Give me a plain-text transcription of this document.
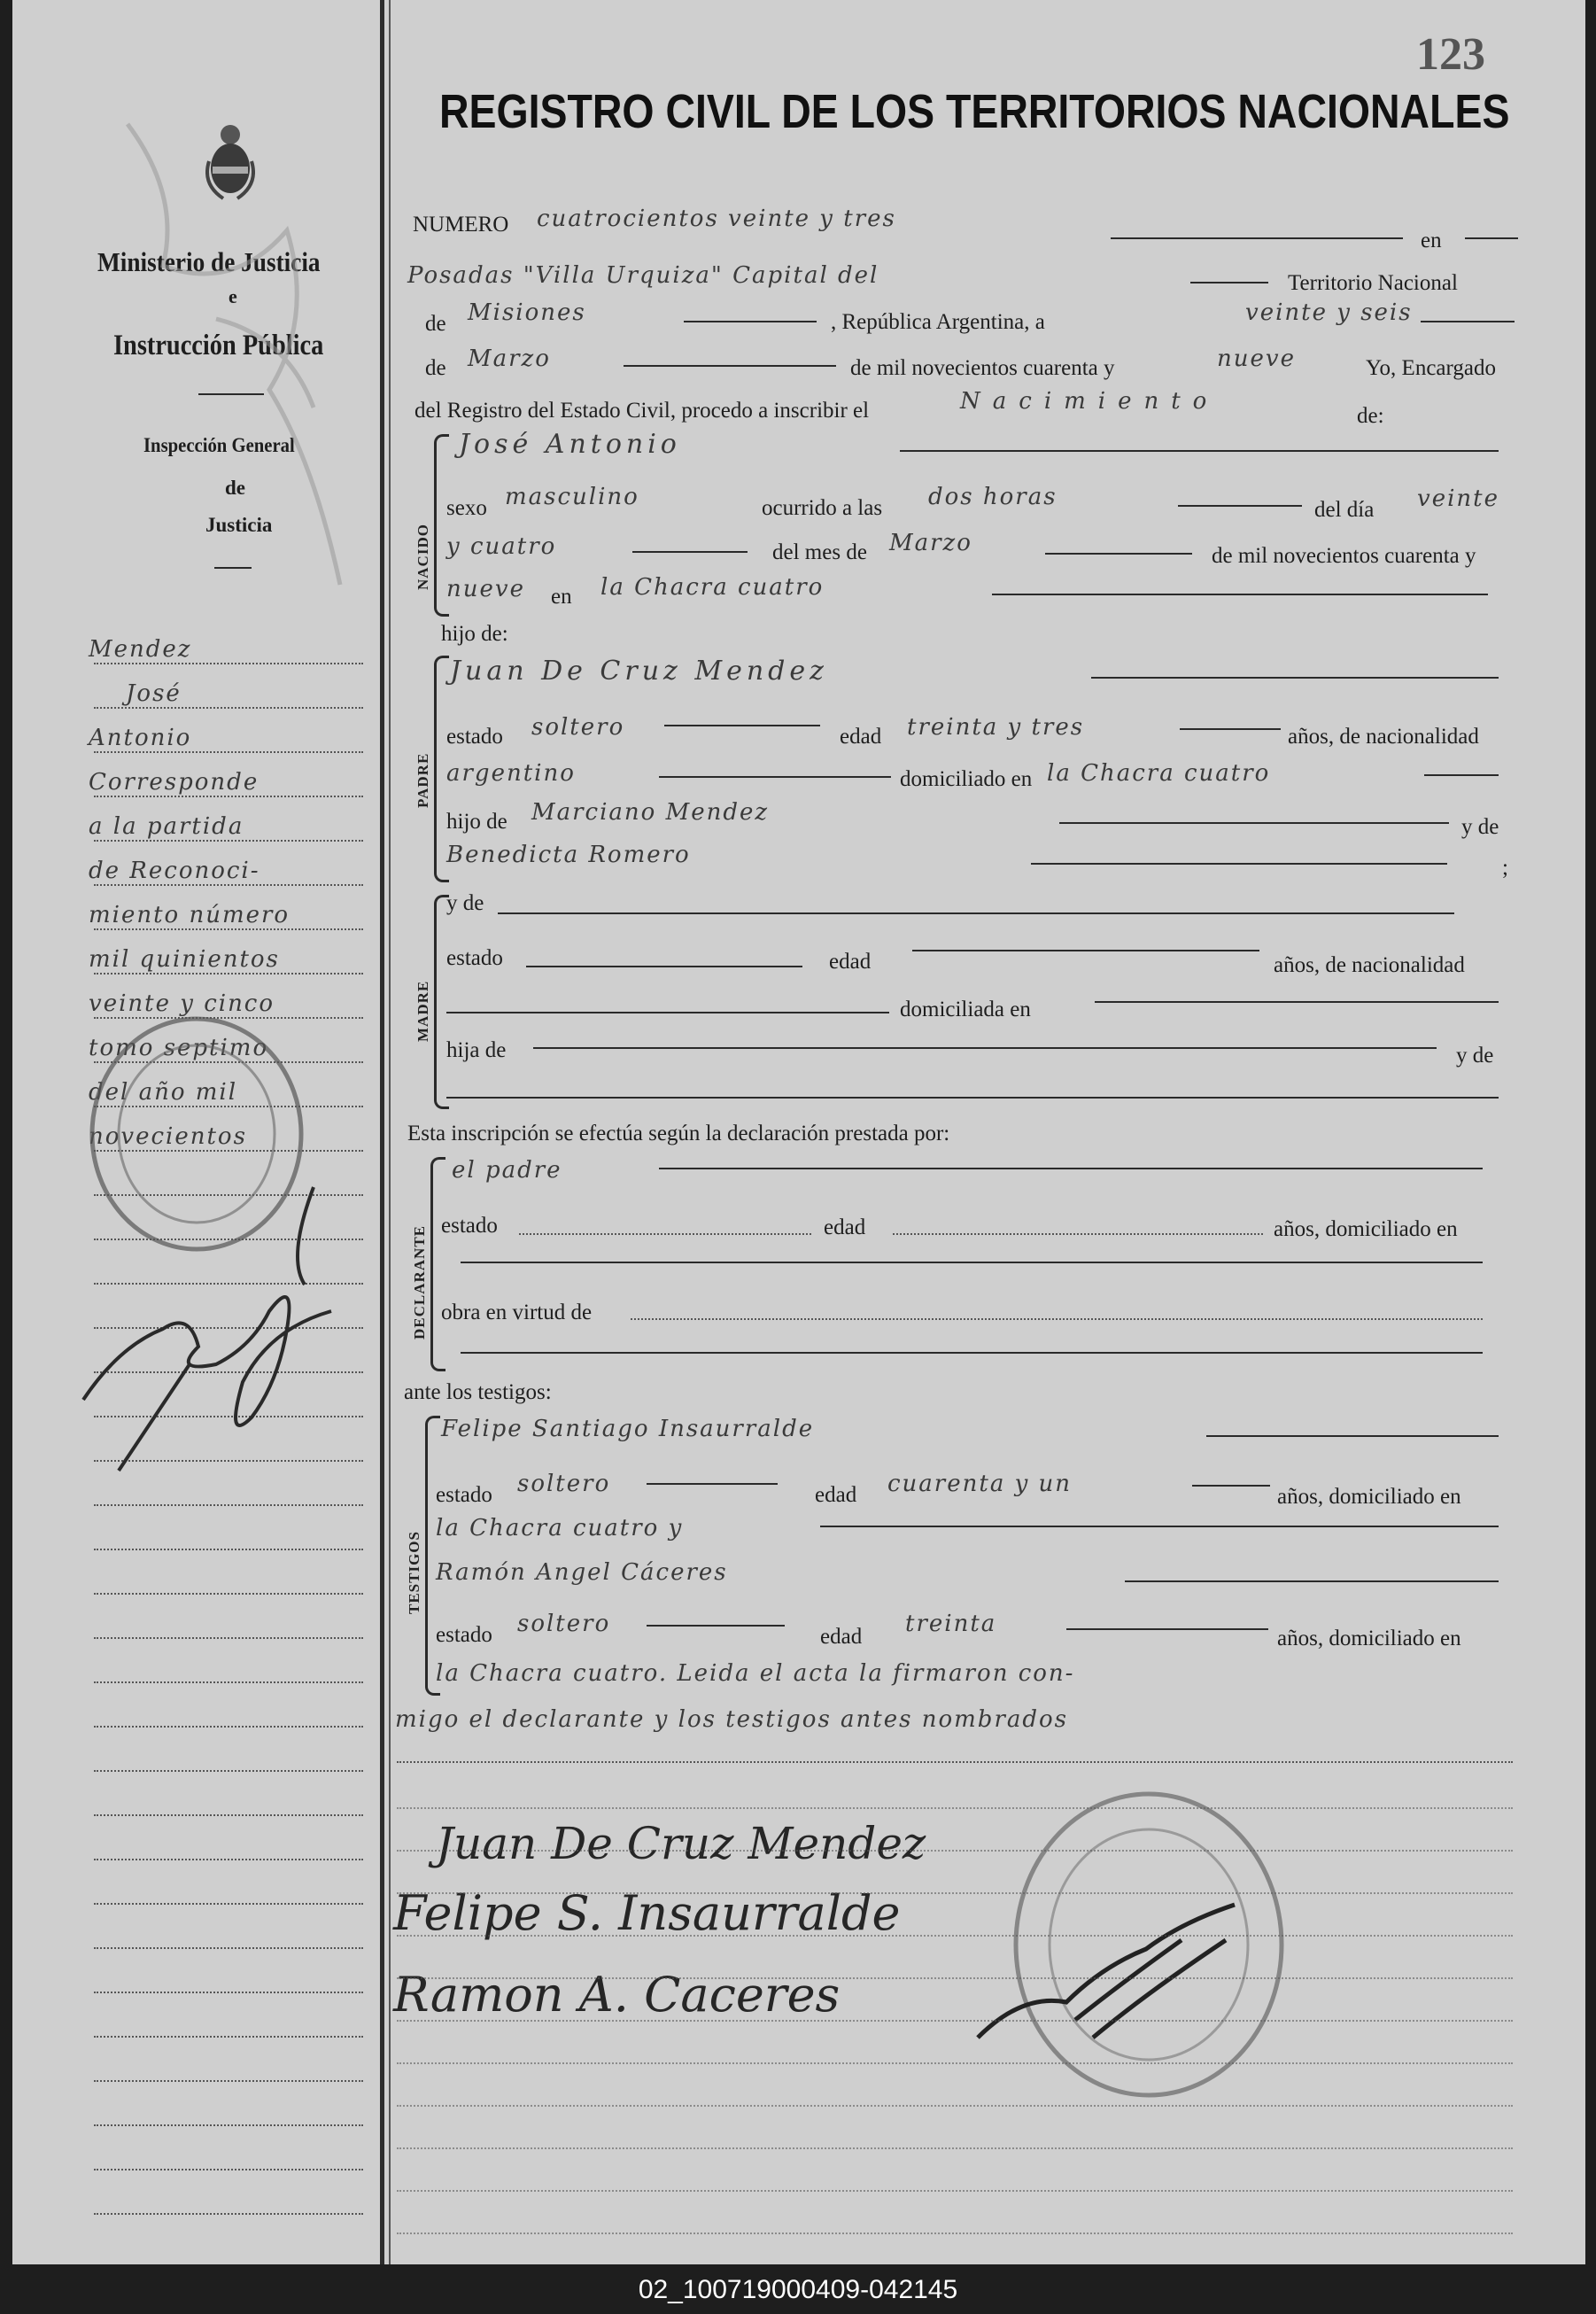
123
REGISTRO CIVIL DE LOS TERRITORIOS NACIONALES
Ministerio de Justicia
e
Instrucción Pública
Inspección General
de
Justicia
Mendez
José
Antonio
Corresponde
a la partida
de Reconoci-
miento número
mil quinientos
veinte y cinco
tomo septimo
del año mil
novecientos
NUMERO cuatrocientos veinte y tres
en
Posadas "Villa Urquiza" Capital del	Territorio Nacional
de Misiones	, República Argentina, a	veinte y seis
de Marzo	de mil novecientos cuarenta y	nueve	Yo, Encargado
del Registro del Estado Civil, procedo a inscribir el	Nacimiento
de:
NACIDO
José Antonio
sexo masculino	ocurrido a las dos horas	del día veinte
y cuatro	del mes de Marzo	de mil novecientos cuarenta y
nueve en la Chacra cuatro
hijo de:
PADRE
Juan De Cruz Mendez
estado soltero	edad treinta y tres	años, de nacionalidad
argentino	domiciliado en la Chacra cuatro
hijo de Marciano Mendez
y de
Benedicta Romero	;
MADRE
y de
estado	edad	años, de nacionalidad
domiciliada en
hija de	y de
Esta inscripción se efectúa según la declaración prestada por:
DECLARANTE
el padre
estado	edad	años, domiciliado en
obra en virtud de
ante los testigos:
TESTIGOS
Felipe Santiago Insaurralde
estado soltero	edad cuarenta y un	años, domiciliado en
la Chacra cuatro y
Ramón Angel Cáceres
estado soltero	edad treinta
años, domiciliado en
la Chacra cuatro. Leida el acta la firmaron con-
migo el declarante y los testigos antes nombrados
Juan De Cruz Mendez
Felipe S. Insaurralde
Ramon A. Caceres
02_100719000409-042145
